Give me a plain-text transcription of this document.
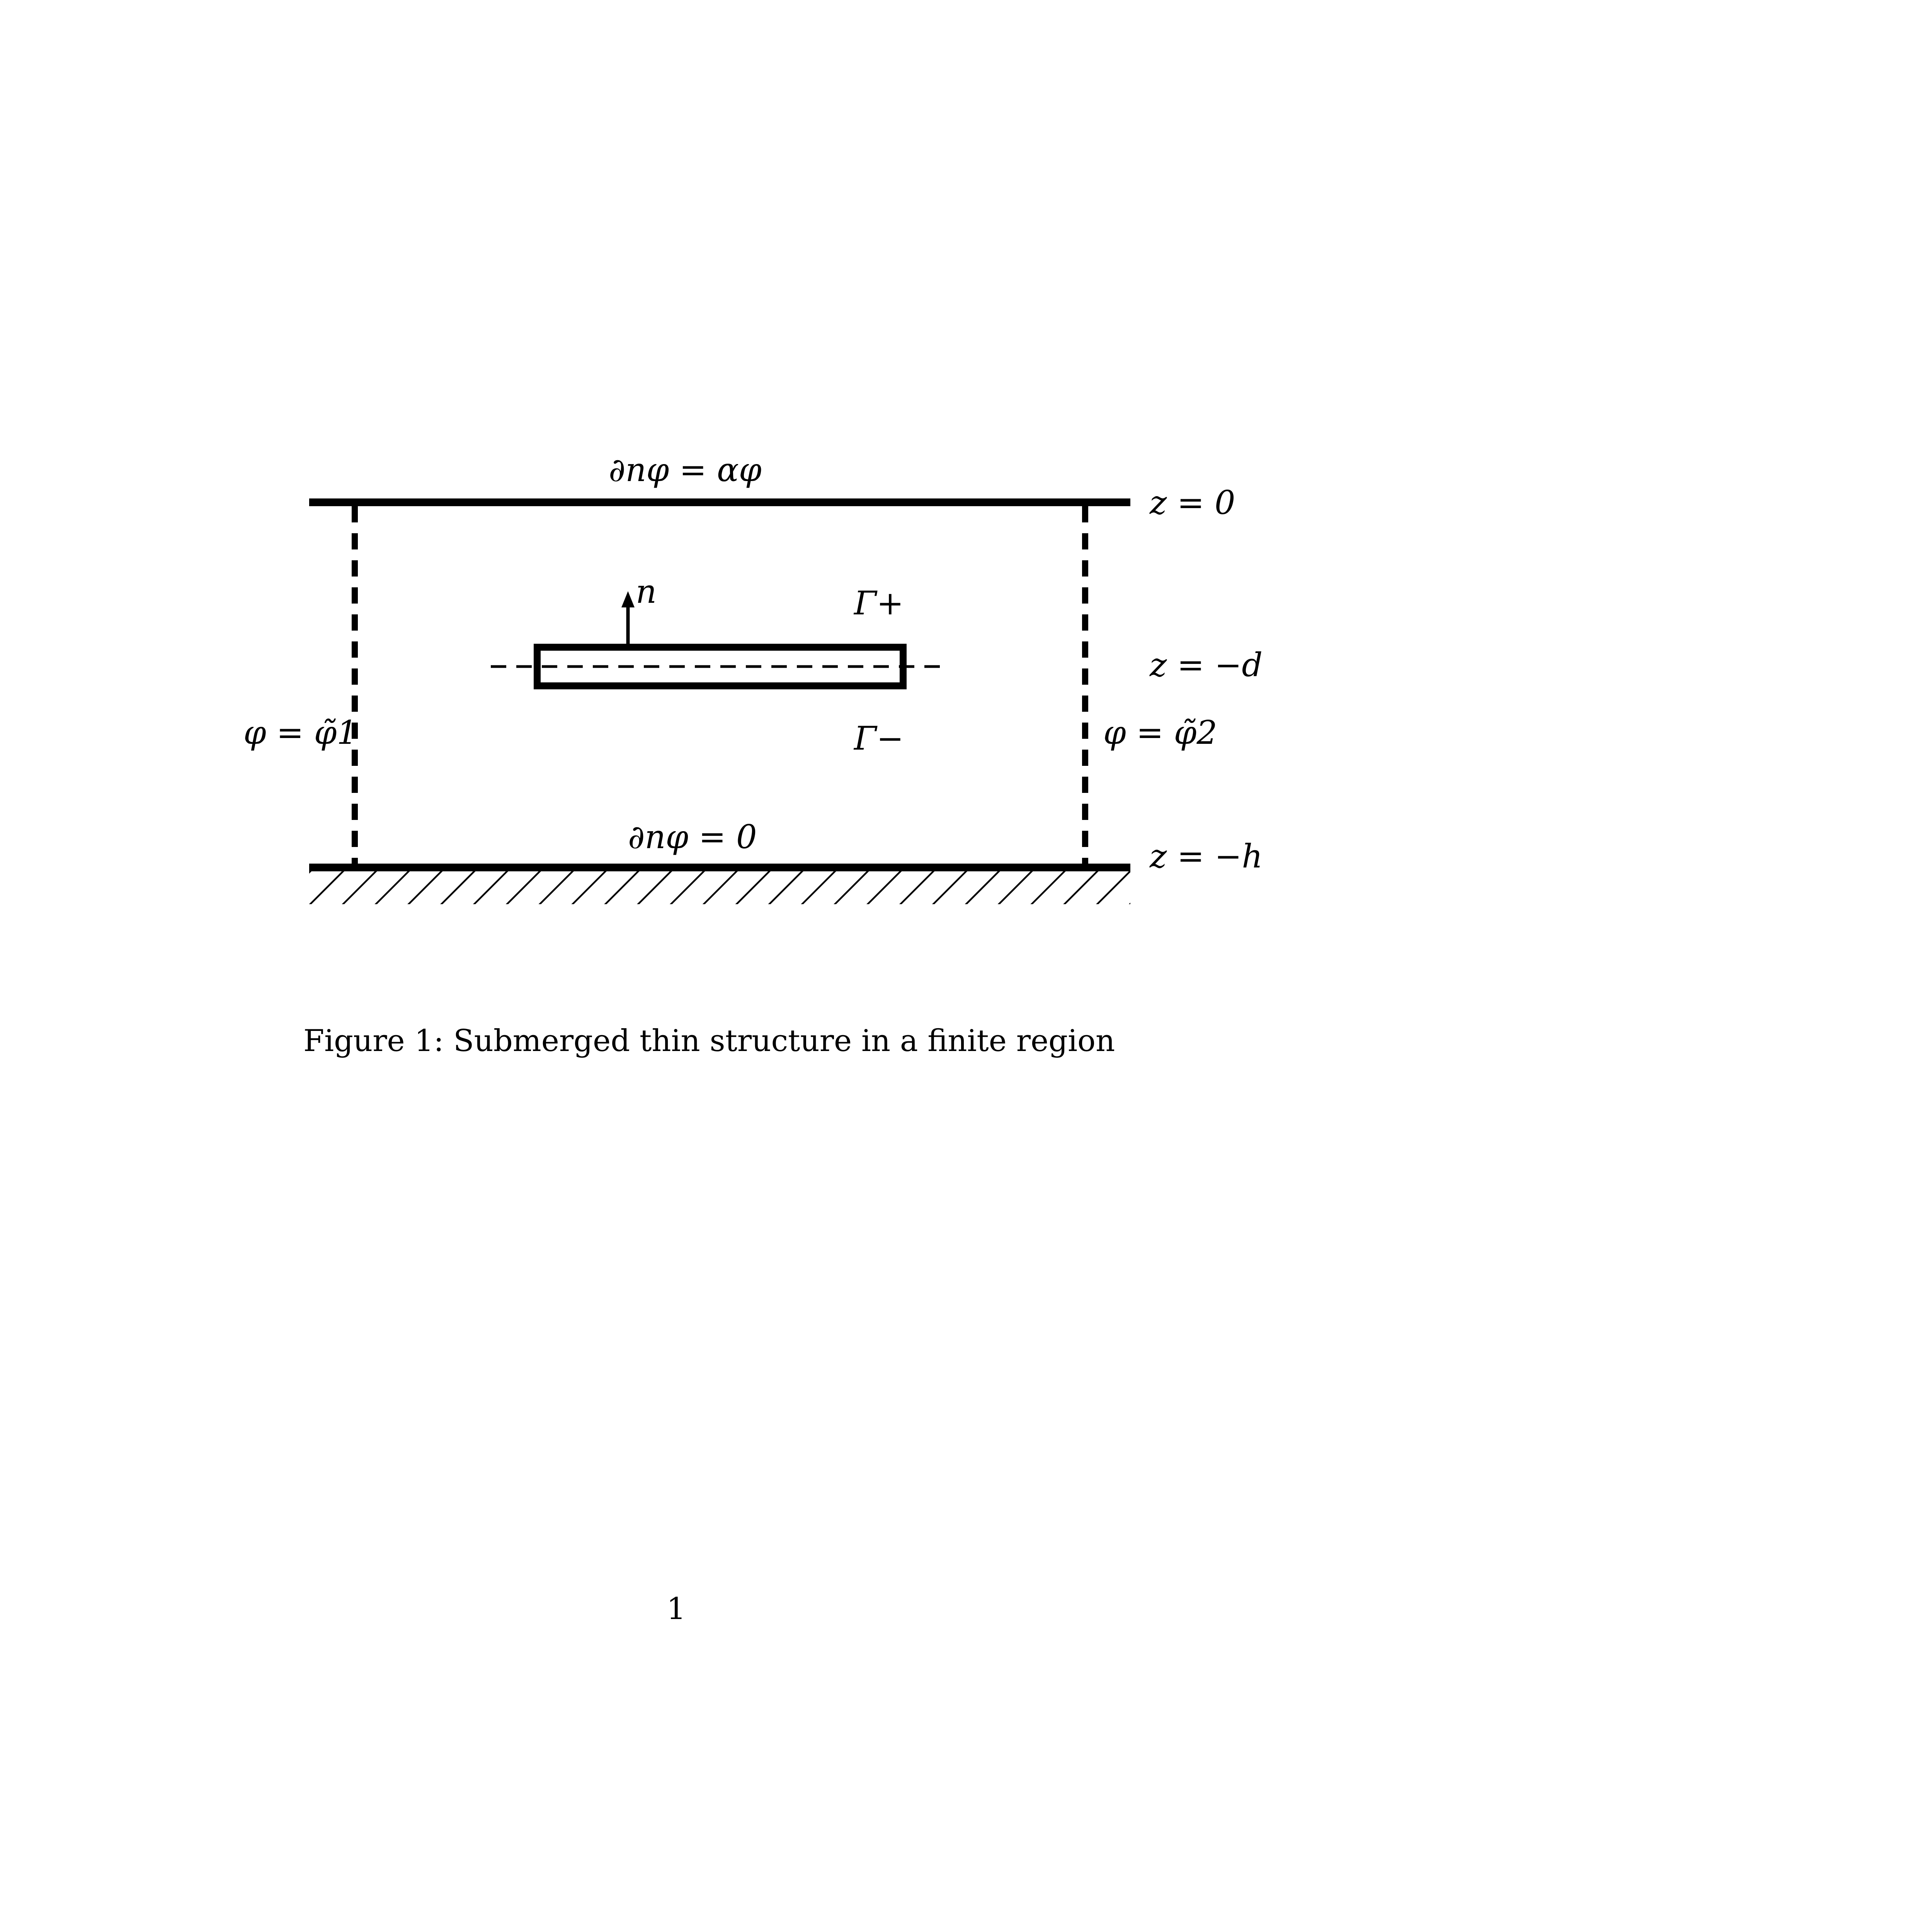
∂nφ = αφ
∂nφ = 0
φ = φ̃1	φ = φ̃2
z = 0
z = −d
z = −h
n	Γ+
Γ−
Figure 1: Submerged thin structure in a finite region
1
